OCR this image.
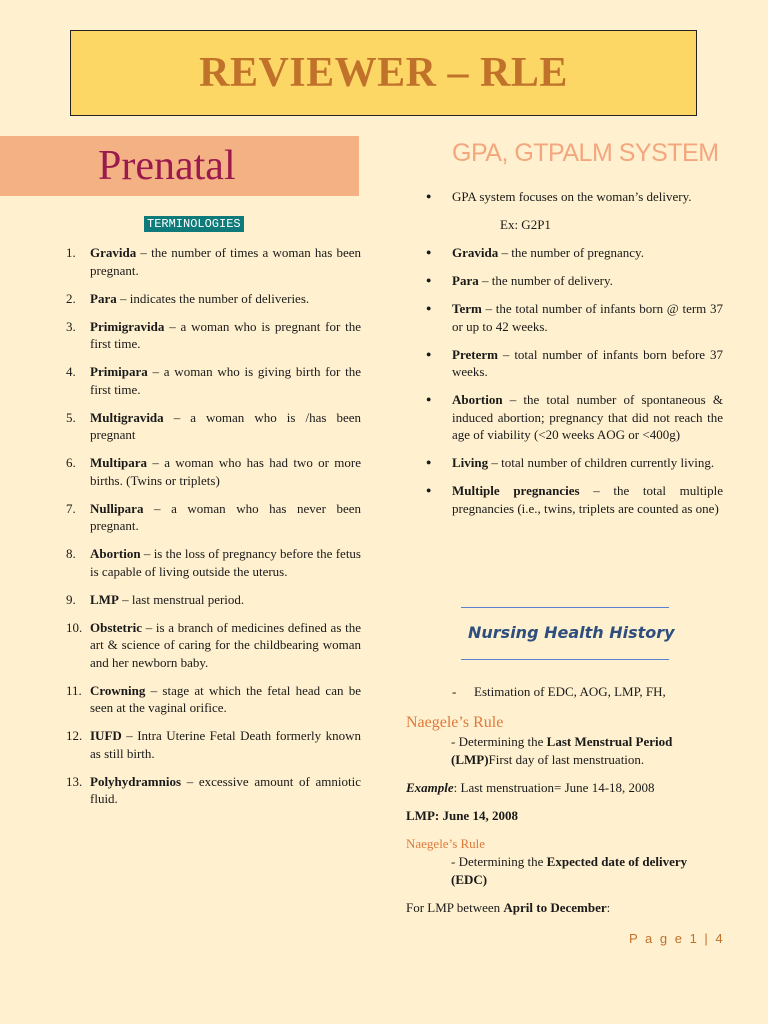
REVIEWER – RLE
Prenatal
TERMINOLOGIES
1.	Gravida – the number of times a woman has been pregnant.
2.	Para – indicates the number of deliveries.
3.	Primigravida – a woman who is pregnant for the first time.
4.	Primipara – a woman who is giving birth for the first time.
5.	Multigravida – a woman who is /has been pregnant
6.	Multipara – a woman who has had two or more births. (Twins or triplets)
7.	Nullipara – a woman who has never been pregnant.
8.	Abortion – is the loss of pregnancy before the fetus is capable of living outside the uterus.
9.	LMP – last menstrual period.
10. Obstetric – is a branch of medicines defined as the art & science of caring for the childbearing woman and her newborn baby.
11. Crowning – stage at which the fetal head can be seen at the vaginal orifice.
12. IUFD – Intra Uterine Fetal Death formerly known as still birth.
13. Polyhydramnios – excessive amount of amniotic fluid.
GPA, GTPALM SYSTEM
●	GPA system focuses on the woman’s delivery.
Ex: G2P1
●	Gravida – the number of pregnancy.
●	Para – the number of delivery.
●	Term – the total number of infants born @ term 37 or up to 42 weeks.
●	Preterm – total number of infants born before 37 weeks.
●	Abortion – the total number of spontaneous & induced abortion; pregnancy that did not reach the age of viability (<20 weeks AOG or <400g)
●	Living – total number of children currently living.
●	Multiple pregnancies – the total multiple pregnancies (i.e., twins, triplets are counted as one)
Nursing Health History
- Estimation of EDC, AOG, LMP, FH,
Naegele’s Rule
- Determining the Last Menstrual Period (LMP)First day of last menstruation.
Example: Last menstruation= June 14-18, 2008
LMP: June 14, 2008
Naegele’s Rule
- Determining the Expected date of delivery (EDC)
For LMP between April to December:
P a g e 1 | 4
